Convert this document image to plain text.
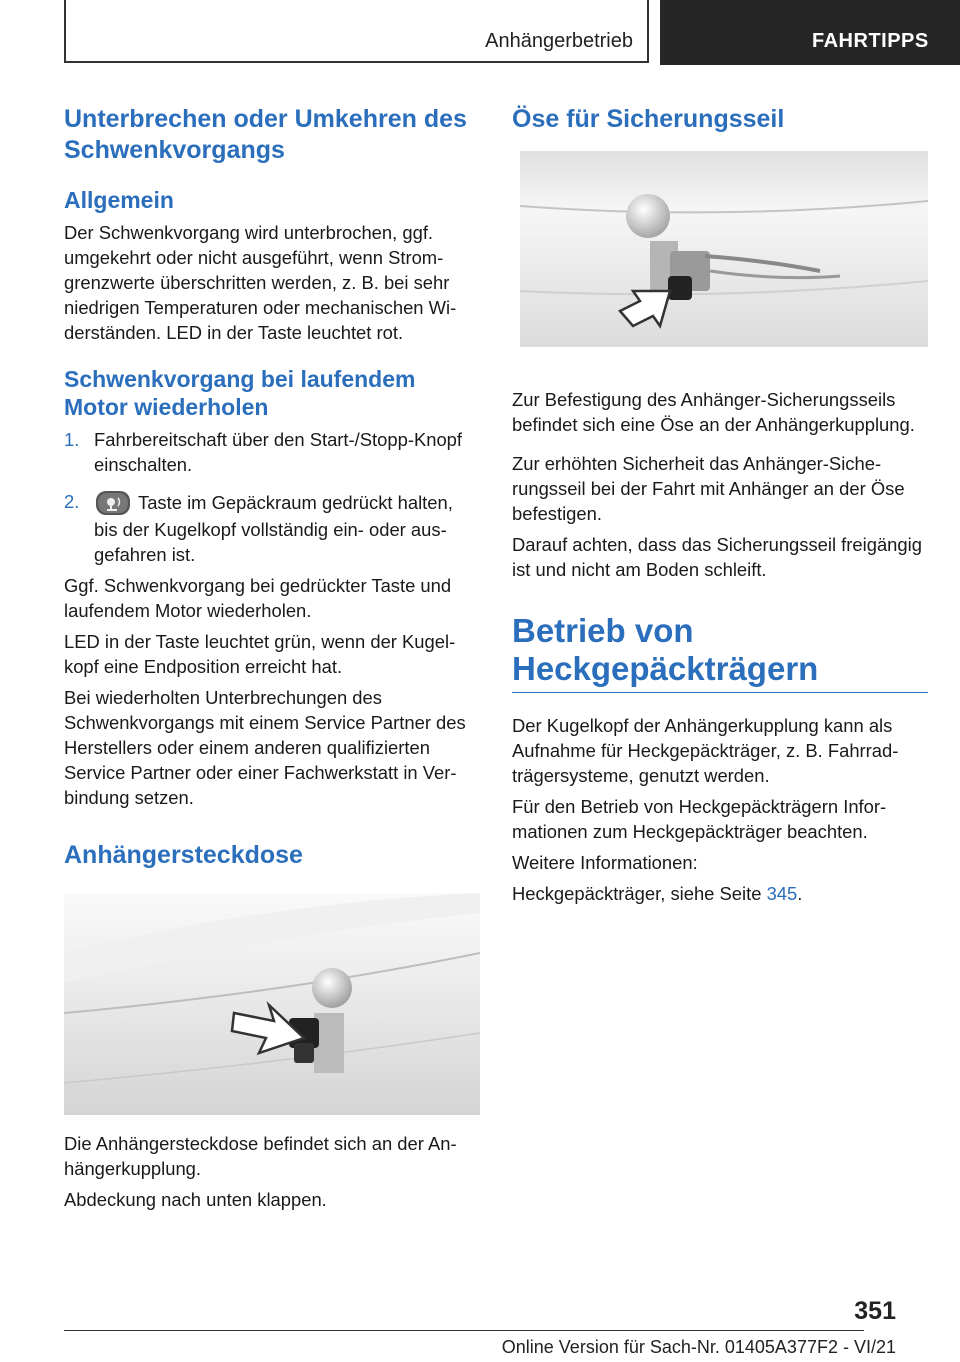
Anhängerbetrieb	FAHRTIPPS
Unterbrechen oder Umkehren des Schwenkvorgangs
Allgemein

Der Schwenkvorgang wird unterbrochen, ggf. umgekehrt oder nicht ausgeführt, wenn Stromgrenzwerte überschritten werden, z. B. bei sehr niedrigen Temperaturen oder mechanischen Widerständen. LED in der Taste leuchtet rot.

Schwenkvorgang bei laufendem Motor wiederholen
1. Fahrbereitschaft über den Start-/Stopp-Knopf einschalten.
2.	Taste im Gepäckraum gedrückt halten, bis der Kugelkopf vollständig ein- oder ausgefahren ist.

Ggf. Schwenkvorgang bei gedrückter Taste und laufendem Motor wiederholen.

LED in der Taste leuchtet grün, wenn der Kugelkopf eine Endposition erreicht hat.

Bei wiederholten Unterbrechungen des Schwenkvorgangs mit einem Service Partner des Herstellers oder einem anderen qualifizierten Service Partner oder einer Fachwerkstatt in Verbindung setzen.

Anhängersteckdose

Die Anhängersteckdose befindet sich an der Anhängerkupplung.

Abdeckung nach unten klappen.

Öse für Sicherungsseil

Zur Befestigung des Anhänger-Sicherungsseils befindet sich eine Öse an der Anhängerkupplung.

Zur erhöhten Sicherheit das Anhänger-Sicherungsseil bei der Fahrt mit Anhänger an der Öse befestigen.

Darauf achten, dass das Sicherungsseil freigängig ist und nicht am Boden schleift.

Betrieb von Heckgepäckträgern

Der Kugelkopf der Anhängerkupplung kann als Aufnahme für Heckgepäckträger, z. B. Fahrradträgersysteme, genutzt werden.

Für den Betrieb von Heckgepäckträgern Informationen zum Heckgepäckträger beachten.

Weitere Informationen:

Heckgepäckträger, siehe Seite 345.

351
Online Version für Sach-Nr. 01405A377F2 - VI/21
